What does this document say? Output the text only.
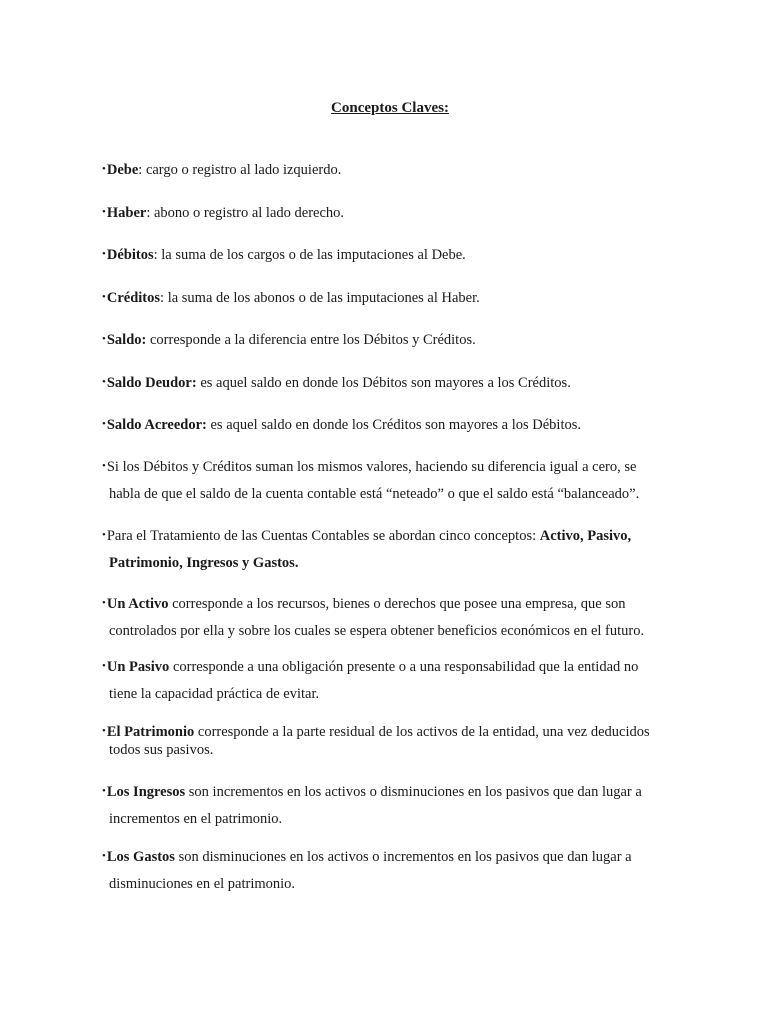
Conceptos Claves:
•Debe: cargo o registro al lado izquierdo.
•Haber: abono o registro al lado derecho.
•Débitos: la suma de los cargos o de las imputaciones al Debe.
•Créditos: la suma de los abonos o de las imputaciones al Haber.
•Saldo: corresponde a la diferencia entre los Débitos y Créditos.
•Saldo Deudor: es aquel saldo en donde los Débitos son mayores a los Créditos.
•Saldo Acreedor: es aquel saldo en donde los Créditos son mayores a los Débitos.
•Si los Débitos y Créditos suman los mismos valores, haciendo su diferencia igual a cero, se
habla de que el saldo de la cuenta contable está “neteado” o que el saldo está “balanceado”.
•Para el Tratamiento de las Cuentas Contables se abordan cinco conceptos: Activo, Pasivo,
Patrimonio, Ingresos y Gastos.
•Un Activo corresponde a los recursos, bienes o derechos que posee una empresa, que son
controlados por ella y sobre los cuales se espera obtener beneficios económicos en el futuro.
•Un Pasivo corresponde a una obligación presente o a una responsabilidad que la entidad no
tiene la capacidad práctica de evitar.
•El Patrimonio corresponde a la parte residual de los activos de la entidad, una vez deducidos
todos sus pasivos.
•Los Ingresos son incrementos en los activos o disminuciones en los pasivos que dan lugar a
incrementos en el patrimonio.
•Los Gastos son disminuciones en los activos o incrementos en los pasivos que dan lugar a
disminuciones en el patrimonio.
